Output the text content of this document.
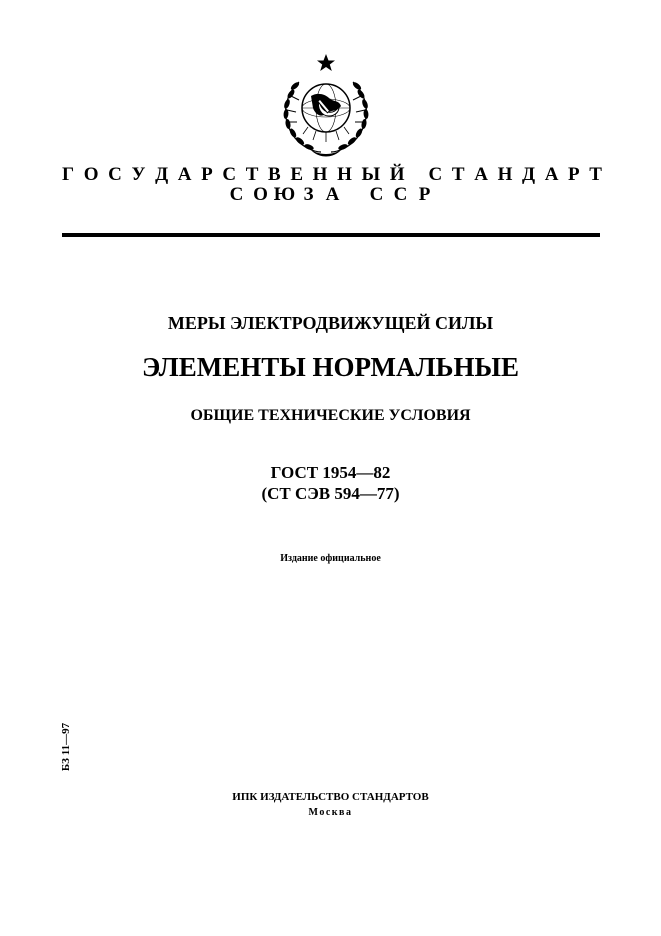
Г О С У Д А Р С Т В Е Н Н Ы Й
С Т А Н Д А Р Т
С О Ю З А С С Р
МЕРЫ ЭЛЕКТРОДВИЖУЩЕЙ СИЛЫ
ЭЛЕМЕНТЫ НОРМАЛЬНЫЕ
ОБЩИЕ ТЕХНИЧЕСКИЕ УСЛОВИЯ
ГОСТ 1954—82
(СТ СЭВ 594—77)
Издание официальное
БЗ 11—97
ИПК ИЗДАТЕЛЬСТВО СТАНДАРТОВ
Москва
